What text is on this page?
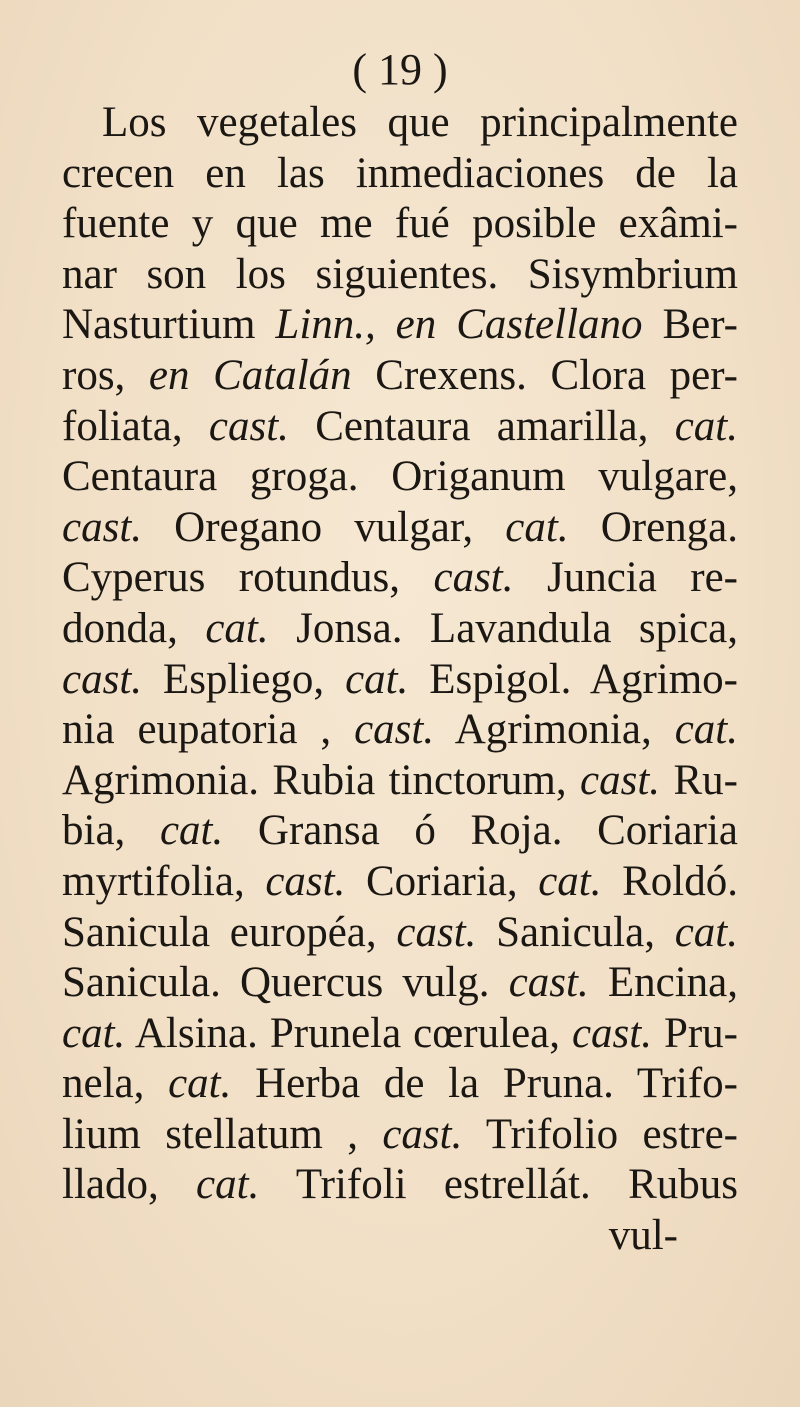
( 19 )
Los vegetales que principalmente
crecen en las inmediaciones de la
fuente y que me fué posible exâmi-
nar son los siguientes. Sisymbrium
Nasturtium Linn., en Castellano Ber-
ros, en Catalán Crexens. Clora per-
foliata, cast. Centaura amarilla, cat.
Centaura groga. Origanum vulgare,
cast. Oregano vulgar, cat. Orenga.
Cyperus rotundus, cast. Juncia re-
donda, cat. Jonsa. Lavandula spica,
cast. Espliego, cat. Espigol. Agrimo-
nia eupatoria , cast. Agrimonia, cat.
Agrimonia. Rubia tinctorum, cast. Ru-
bia, cat. Gransa ó Roja. Coriaria
myrtifolia, cast. Coriaria, cat. Roldó.
Sanicula européa, cast. Sanicula, cat.
Sanicula. Quercus vulg. cast. Encina,
cat. Alsina. Prunela cœrulea, cast. Pru-
nela, cat. Herba de la Pruna. Trifo-
lium stellatum , cast. Trifolio estre-
llado, cat. Trifoli estrellát. Rubus
vul-
